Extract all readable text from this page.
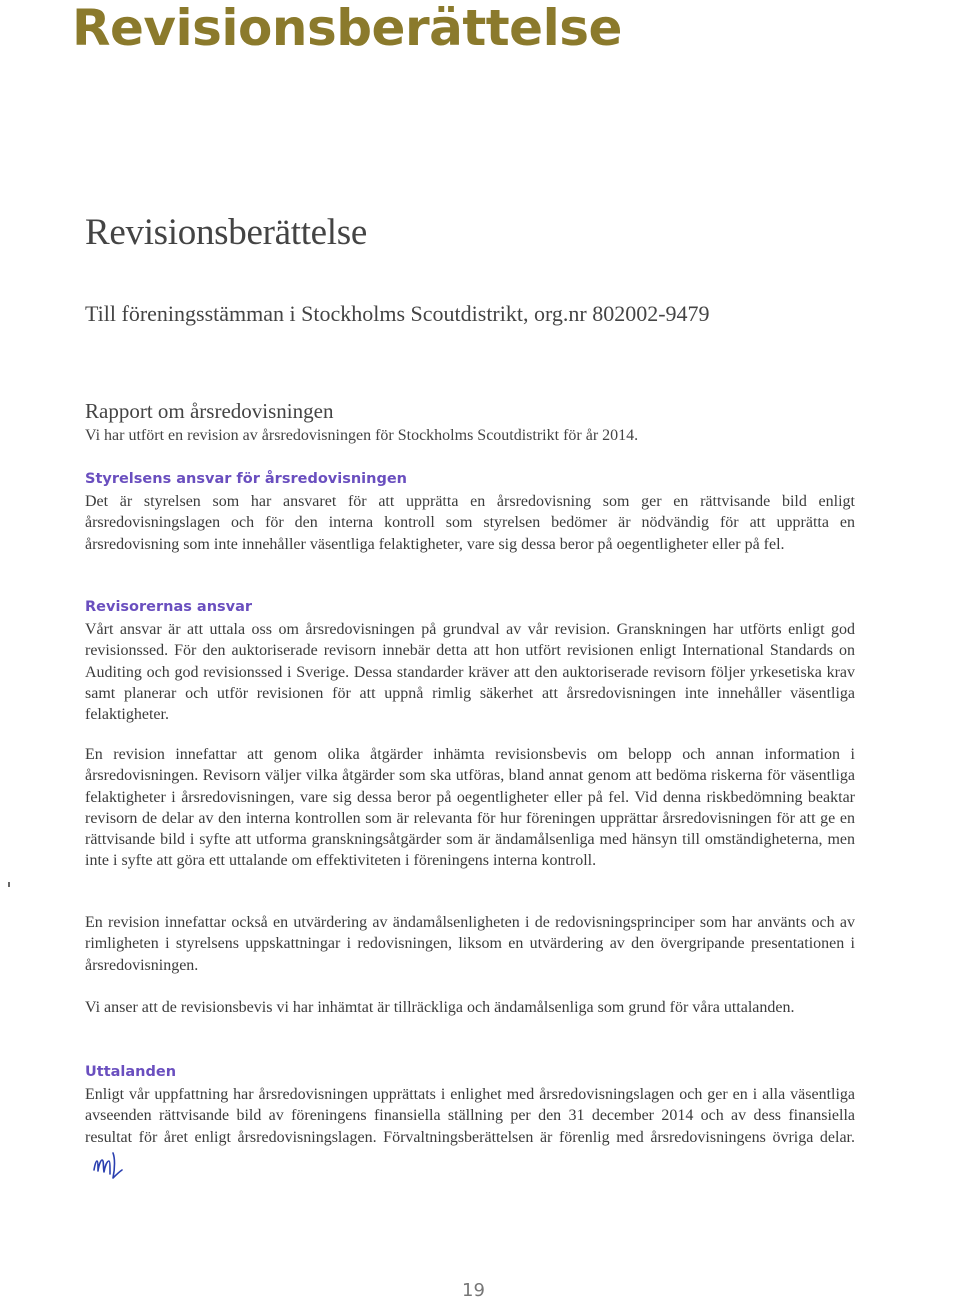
Revisionsberättelse
Revisionsberättelse

Till föreningsstämman i Stockholms Scoutdistrikt, org.nr 802002-9479

Rapport om årsredovisningen

Vi har utfört en revision av årsredovisningen för Stockholms Scoutdistrikt för år 2014.

Styrelsens ansvar för årsredovisningen

Det är styrelsen som har ansvaret för att upprätta en årsredovisning som ger en rättvisande bild enligt årsredovisningslagen och för den interna kontroll som styrelsen bedömer är nödvändig för att upprätta en årsredovisning som inte innehåller väsentliga felaktigheter, vare sig dessa beror på oegentligheter eller på fel.

Revisorernas ansvar

Vårt ansvar är att uttala oss om årsredovisningen på grundval av vår revision. Granskningen har utförts enligt god revisionssed. För den auktoriserade revisorn innebär detta att hon utfört revisionen enligt International Standards on Auditing och god revisionssed i Sverige. Dessa standarder kräver att den auktoriserade revisorn följer yrkesetiska krav samt planerar och utför revisionen för att uppnå rimlig säkerhet att årsredovisningen inte innehåller väsentliga felaktigheter.

En revision innefattar att genom olika åtgärder inhämta revisionsbevis om belopp och annan information i årsredovisningen. Revisorn väljer vilka åtgärder som ska utföras, bland annat genom att bedöma riskerna för väsentliga felaktigheter i årsredovisningen, vare sig dessa beror på oegentligheter eller på fel. Vid denna riskbedömning beaktar revisorn de delar av den interna kontrollen som är relevanta för hur föreningen upprättar årsredovisningen för att ge en rättvisande bild i syfte att utforma granskningsåtgärder som är ändamålsenliga med hänsyn till omständigheterna, men inte i syfte att göra ett uttalande om effektiviteten i föreningens interna kontroll.

En revision innefattar också en utvärdering av ändamålsenligheten i de redovisningsprinciper som har använts och av rimligheten i styrelsens uppskattningar i redovisningen, liksom en utvärdering av den övergripande presentationen i årsredovisningen.

Vi anser att de revisionsbevis vi har inhämtat är tillräckliga och ändamålsenliga som grund för våra uttalanden.

Uttalanden

Enligt vår uppfattning har årsredovisningen upprättats i enlighet med årsredovisningslagen och ger en i alla väsentliga avseenden rättvisande bild av föreningens finansiella ställning per den 31 december 2014 och av dess finansiella resultat för året enligt årsredovisningslagen. Förvaltningsberättelsen är förenlig med årsredovisningens övriga delar.

19
